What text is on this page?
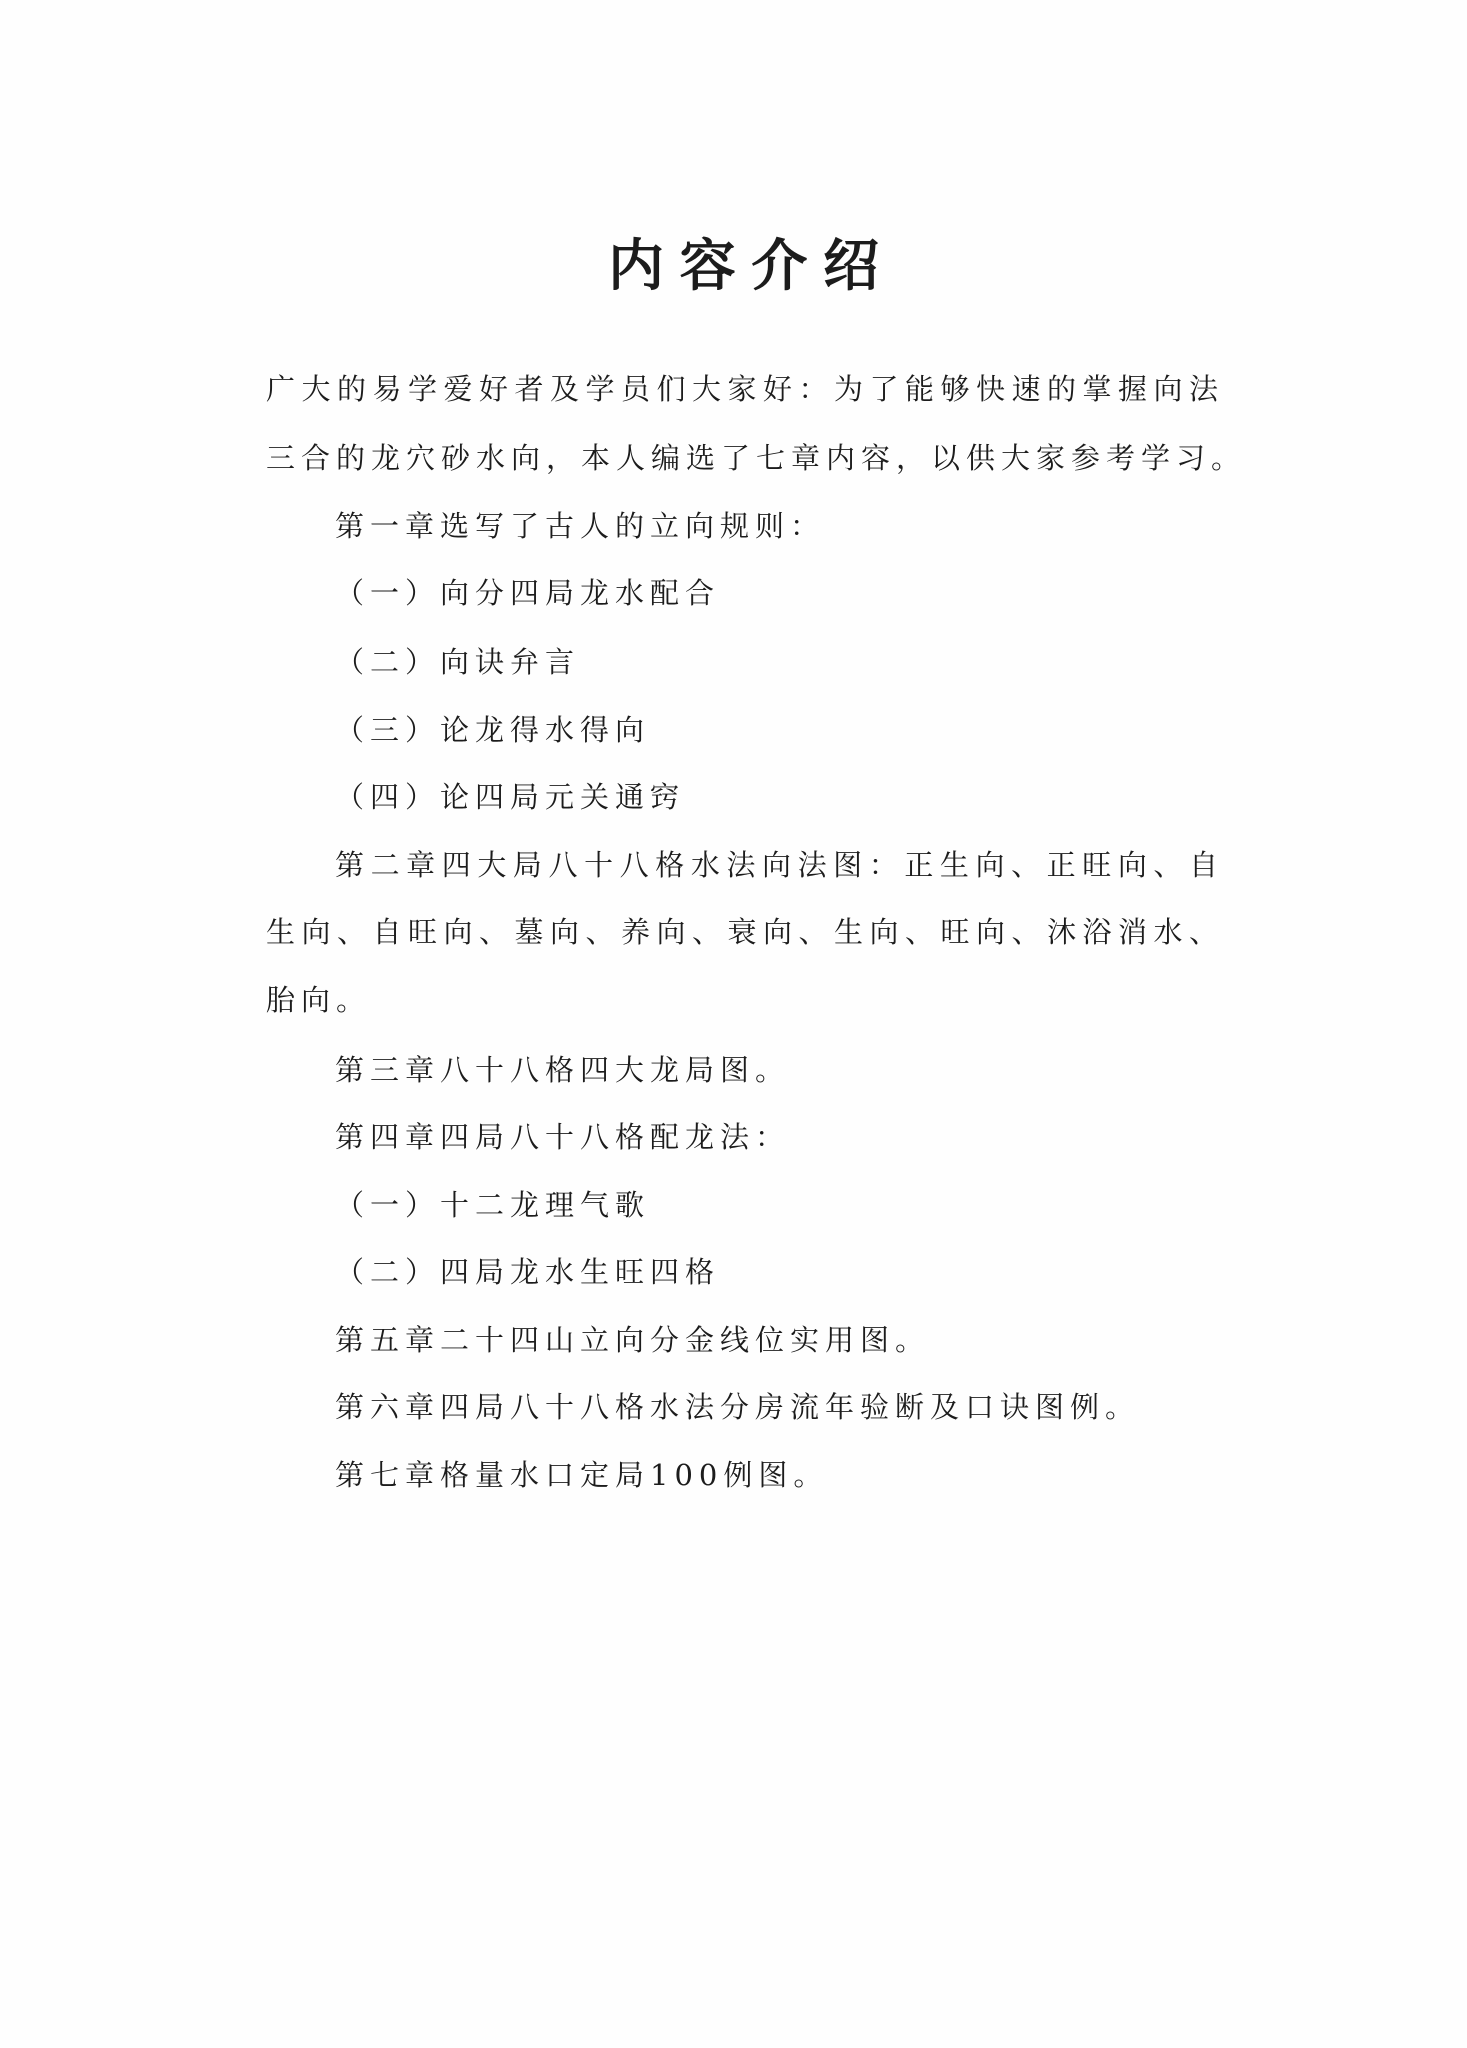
内容介绍
广大的易学爱好者及学员们大家好：为了能够快速的掌握向法
三合的龙穴砂水向，本人编选了七章内容，以供大家参考学习。
第一章选写了古人的立向规则：
（一）向分四局龙水配合
（二）向诀弁言
（三）论龙得水得向
（四）论四局元关通窍
第二章四大局八十八格水法向法图：正生向、正旺向、自
生向、自旺向、墓向、养向、衰向、生向、旺向、沐浴消水、
胎向。
第三章八十八格四大龙局图。
第四章四局八十八格配龙法：
（一）十二龙理气歌
（二）四局龙水生旺四格
第五章二十四山立向分金线位实用图。
第六章四局八十八格水法分房流年验断及口诀图例。
第七章格量水口定局100例图。
